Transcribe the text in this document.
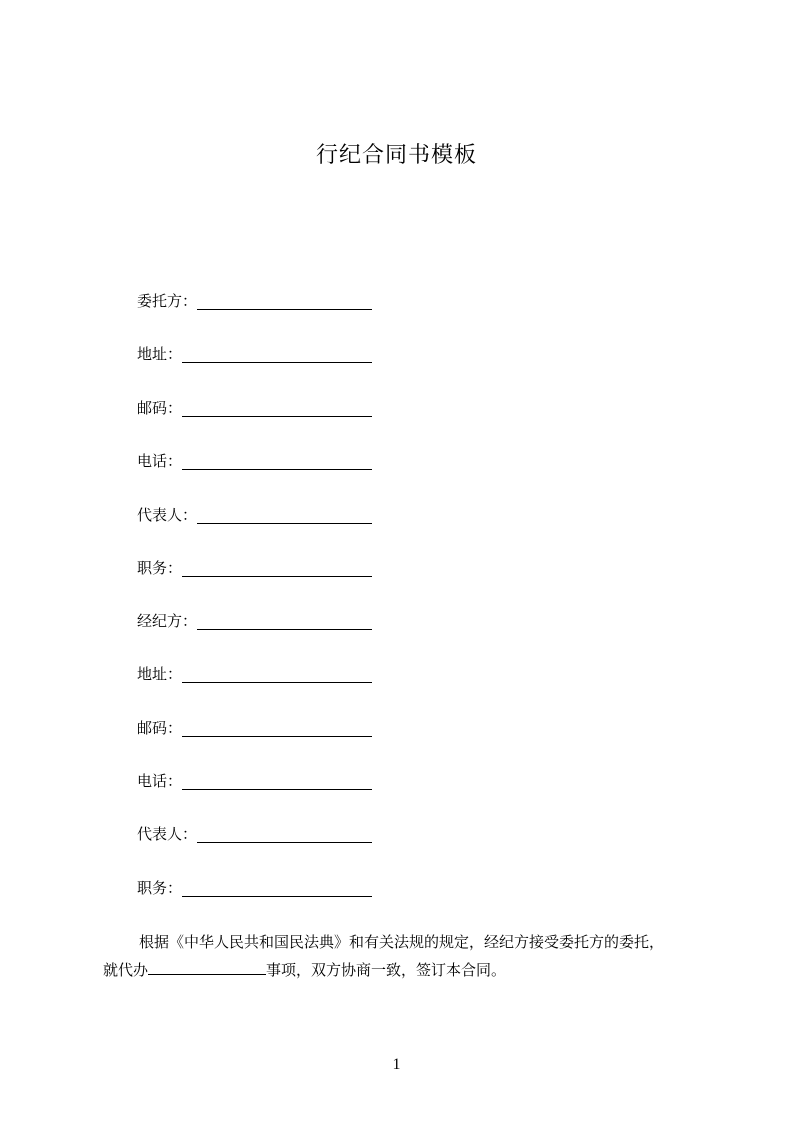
行纪合同书模板
委托方：
地址：
邮码：
电话：
代表人：
职务：
经纪方：
地址：
邮码：
电话：
代表人：
职务：
根据《中华人民共和国民法典》和有关法规的规定，经纪方接受委托方的委托，
就代办	事项，双方协商一致，签订本合同。
1
